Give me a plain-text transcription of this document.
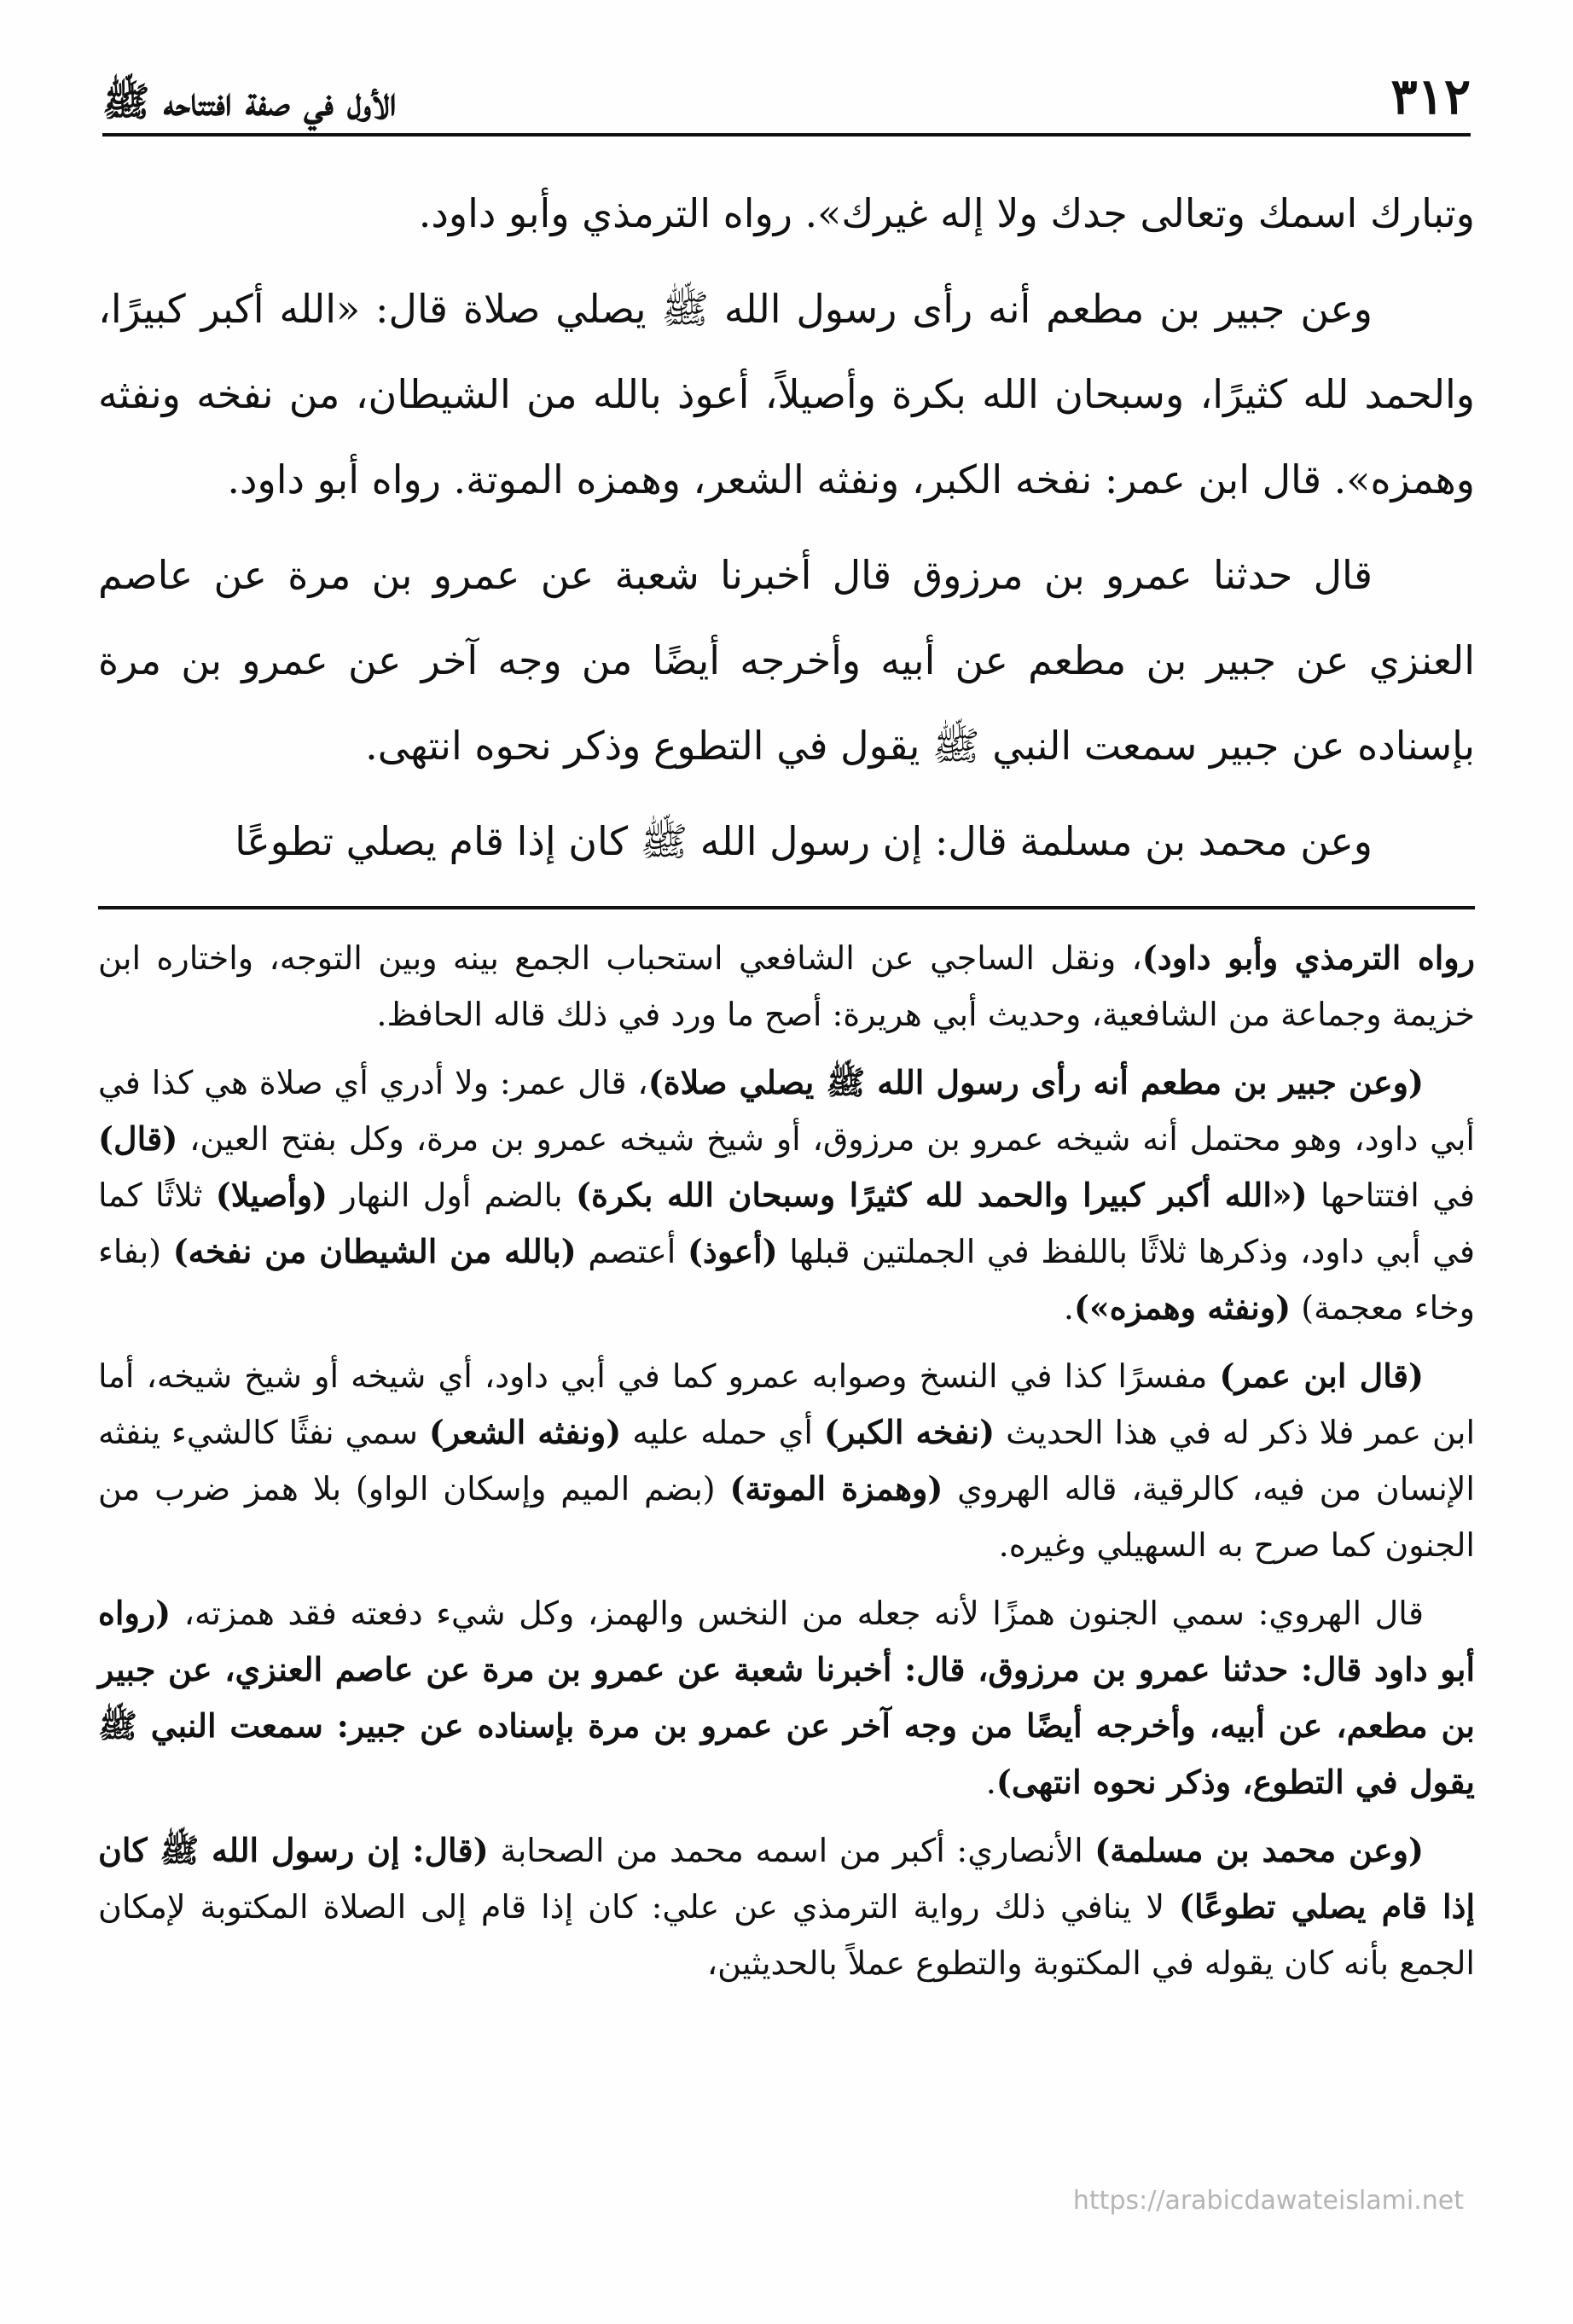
٣١٢
الأول في صفة افتتاحه ﷺ

وتبارك اسمك وتعالى جدك ولا إله غيرك». رواه الترمذي وأبو داود.

وعن جبير بن مطعم أنه رأى رسول الله ﷺ يصلي صلاة قال: «الله أكبر كبيرًا، والحمد لله كثيرًا، وسبحان الله بكرة وأصيلاً، أعوذ بالله من الشيطان، من نفخه ونفثه وهمزه». قال ابن عمر: نفخه الكبر، ونفثه الشعر، وهمزه الموتة. رواه أبو داود.

قال حدثنا عمرو بن مرزوق قال أخبرنا شعبة عن عمرو بن مرة عن عاصم العنزي عن جبير بن مطعم عن أبيه وأخرجه أيضًا من وجه آخر عن عمرو بن مرة بإسناده عن جبير سمعت النبي ﷺ يقول في التطوع وذكر نحوه انتهى.

وعن محمد بن مسلمة قال: إن رسول الله ﷺ كان إذا قام يصلي تطوعًا

رواه الترمذي وأبو داود)، ونقل الساجي عن الشافعي استحباب الجمع بينه وبين التوجه، واختاره ابن خزيمة وجماعة من الشافعية، وحديث أبي هريرة: أصح ما ورد في ذلك قاله الحافظ.

(وعن جبير بن مطعم أنه رأى رسول الله ﷺ يصلي صلاة)، قال عمر: ولا أدري أي صلاة هي كذا في أبي داود، وهو محتمل أنه شيخه عمرو بن مرزوق، أو شيخ شيخه عمرو بن مرة، وكل بفتح العين، (قال) في افتتاحها («الله أكبر كبيرا والحمد لله كثيرًا وسبحان الله بكرة) بالضم أول النهار (وأصيلا) ثلاثًا كما في أبي داود، وذكرها ثلاثًا باللفظ في الجملتين قبلها (أعوذ) أعتصم (بالله من الشيطان من نفخه) (بفاء وخاء معجمة) (ونفثه وهمزه»).

(قال ابن عمر) مفسرًا كذا في النسخ وصوابه عمرو كما في أبي داود، أي شيخه أو شيخ شيخه، أما ابن عمر فلا ذكر له في هذا الحديث (نفخه الكبر) أي حمله عليه (ونفثه الشعر) سمي نفثًا كالشيء ينفثه الإنسان من فيه، كالرقية، قاله الهروي (وهمزة الموتة) (بضم الميم وإسكان الواو) بلا همز ضرب من الجنون كما صرح به السهيلي وغيره.

قال الهروي: سمي الجنون همزًا لأنه جعله من النخس والهمز، وكل شيء دفعته فقد همزته، (رواه أبو داود قال: حدثنا عمرو بن مرزوق، قال: أخبرنا شعبة عن عمرو بن مرة عن عاصم العنزي، عن جبير بن مطعم، عن أبيه، وأخرجه أيضًا من وجه آخر عن عمرو بن مرة بإسناده عن جبير: سمعت النبي ﷺ يقول في التطوع، وذكر نحوه انتهى).

(وعن محمد بن مسلمة) الأنصاري: أكبر من اسمه محمد من الصحابة (قال: إن رسول الله ﷺ كان إذا قام يصلي تطوعًا) لا ينافي ذلك رواية الترمذي عن علي: كان إذا قام إلى الصلاة المكتوبة لإمكان الجمع بأنه كان يقوله في المكتوبة والتطوع عملاً بالحديثين،

https://arabicdawateislami.net
